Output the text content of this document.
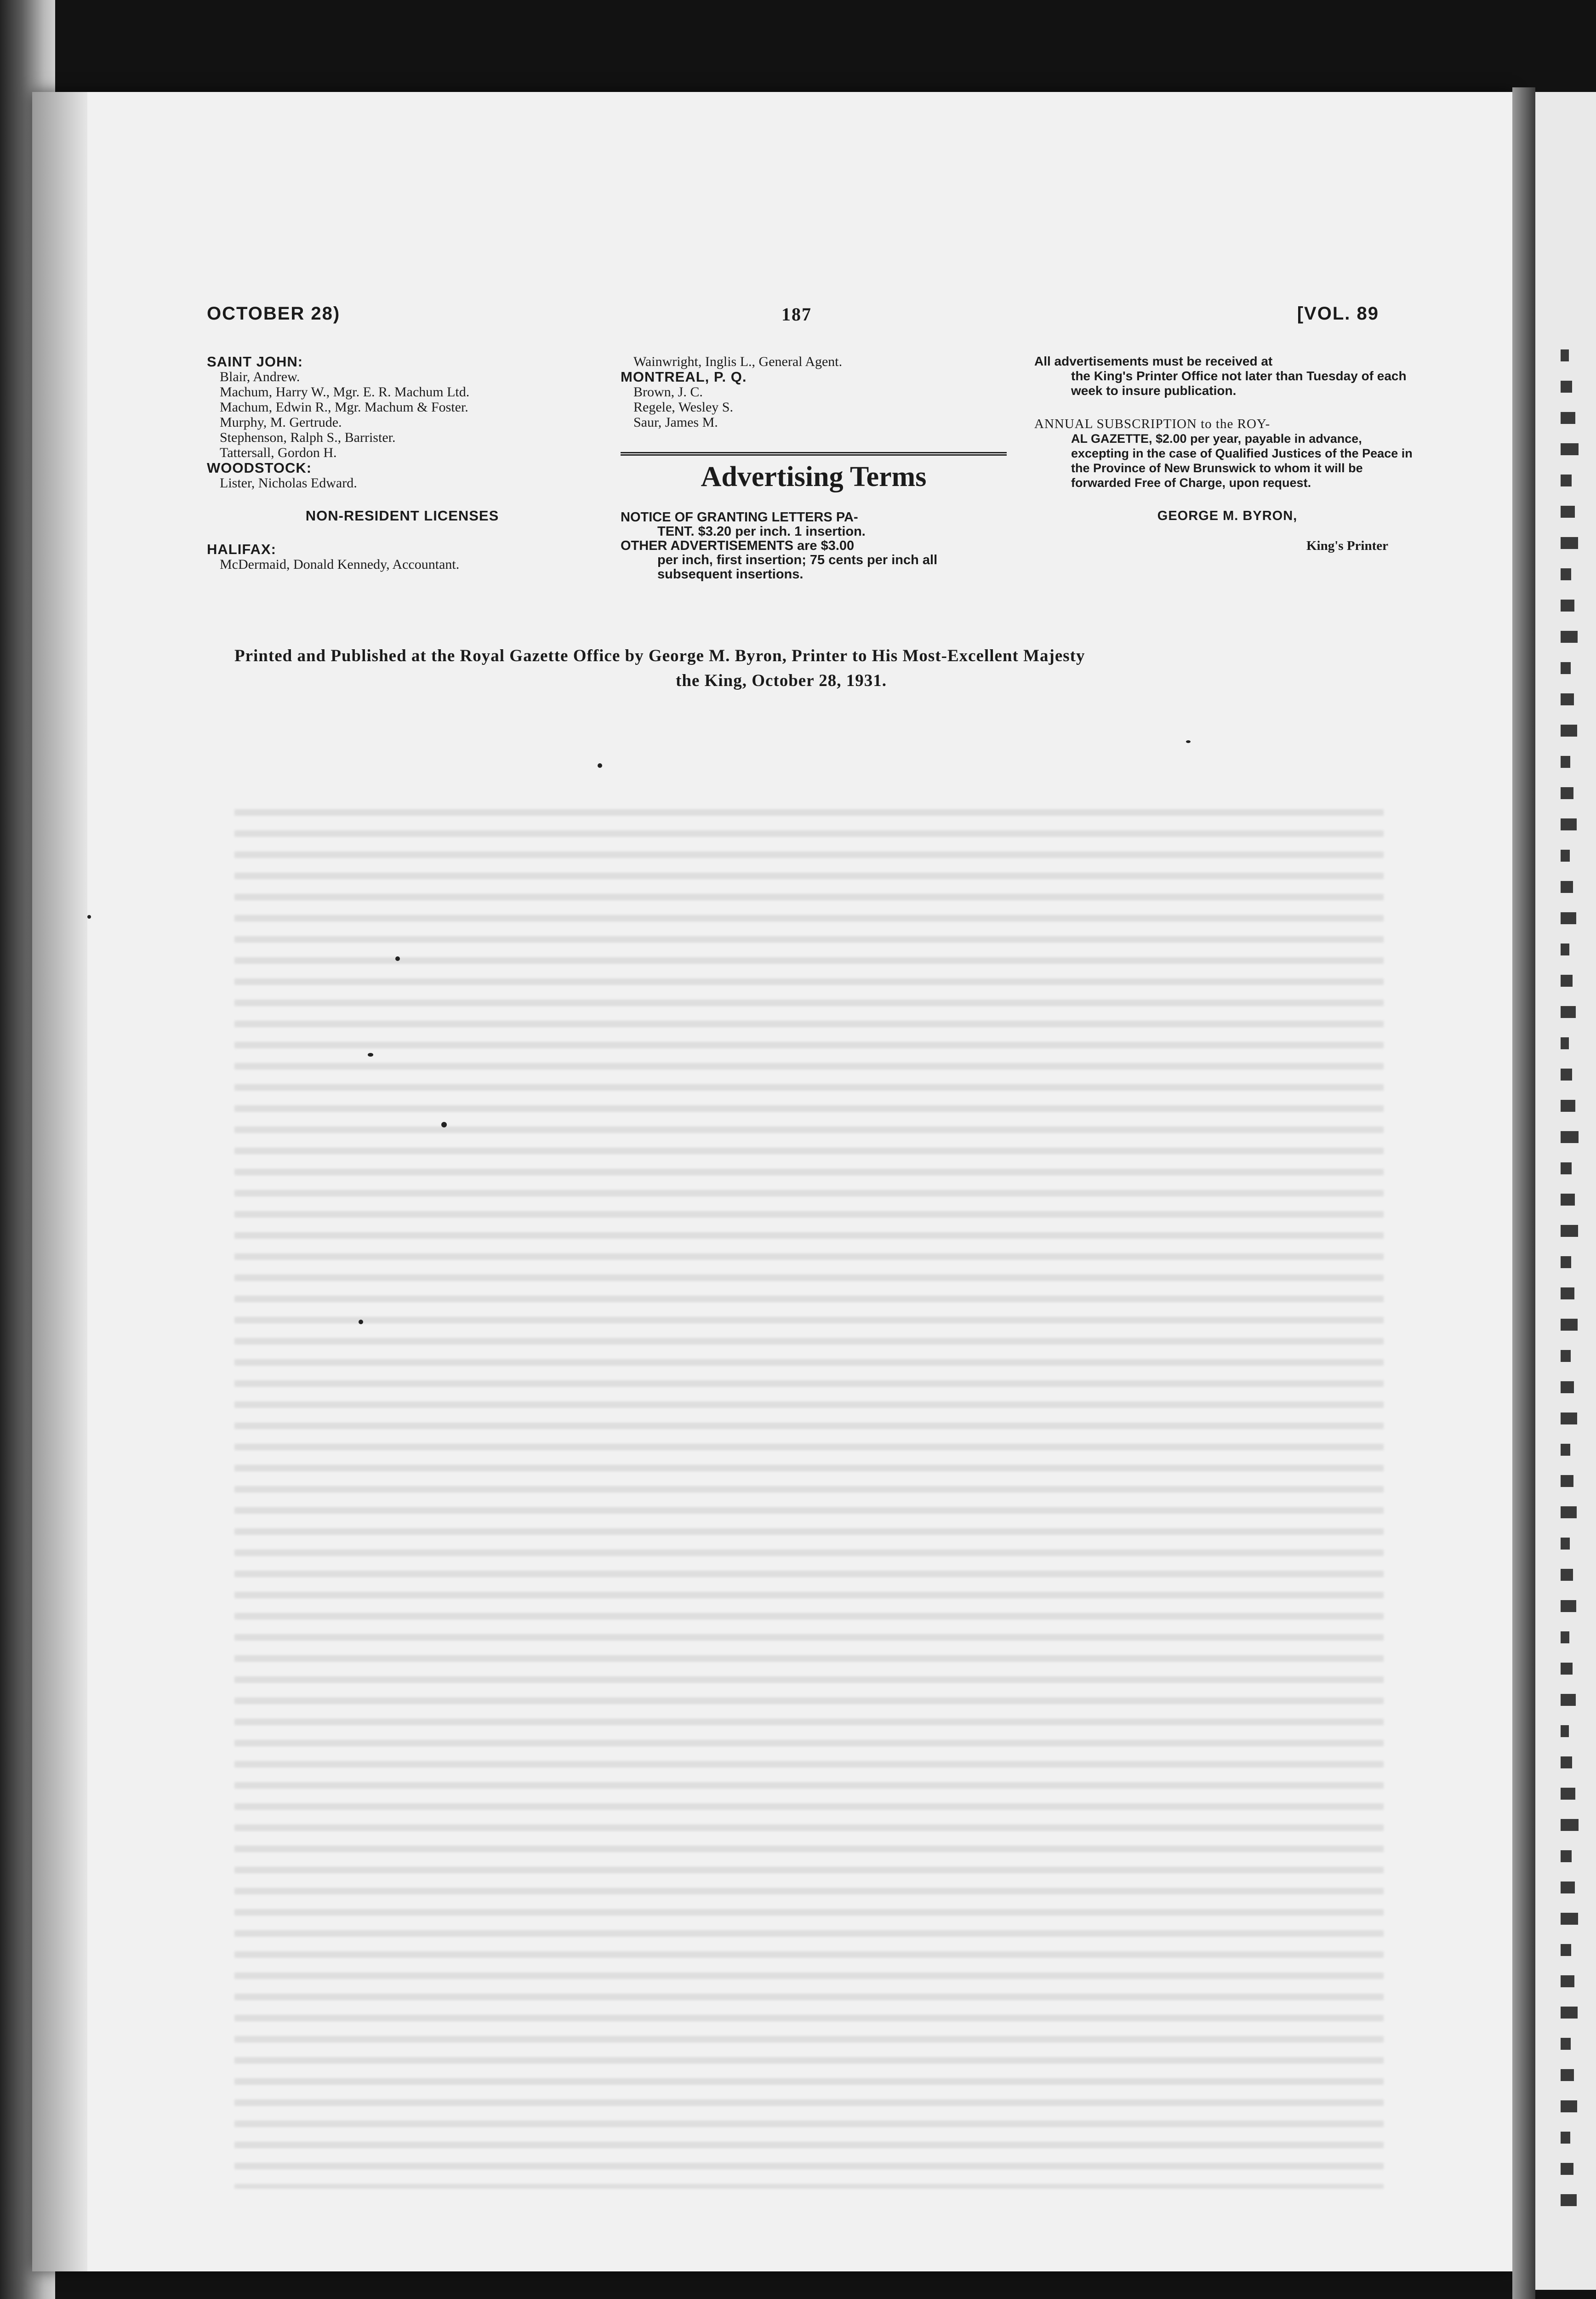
OCTOBER 28)	187	[VOL. 89

SAINT JOHN:

Blair, Andrew.

Machum, Harry W., Mgr. E. R. Machum Ltd.

Machum, Edwin R., Mgr. Machum & Foster.

Murphy, M. Gertrude.

Stephenson, Ralph S., Barrister.

Tattersall, Gordon H.

WOODSTOCK:

Lister, Nicholas Edward.

NON-RESIDENT LICENSES

HALIFAX:

McDermaid, Donald Kennedy, Accountant.

Wainwright, Inglis L., General Agent.

MONTREAL, P. Q.

Brown, J. C.

Regele, Wesley S.

Saur, James M.

Advertising Terms

NOTICE OF GRANTING LETTERS PA-
TENT. $3.20 per inch. 1 insertion.

OTHER ADVERTISEMENTS are $3.00
per inch, first insertion; 75 cents per inch all subsequent insertions.

All advertisements must be received at
the King's Printer Office not later than Tuesday of each week to insure publication.

ANNUAL SUBSCRIPTION to the ROY-
AL GAZETTE, $2.00 per year, payable in advance, excepting in the case of Qualified Justices of the Peace in the Province of New Brunswick to whom it will be forwarded Free of Charge, upon request.

GEORGE M. BYRON,
King's Printer
Printed and Published at the Royal Gazette Office by George M. Byron, Printer to His Most-Excellent Majesty
the King, October 28, 1931.
